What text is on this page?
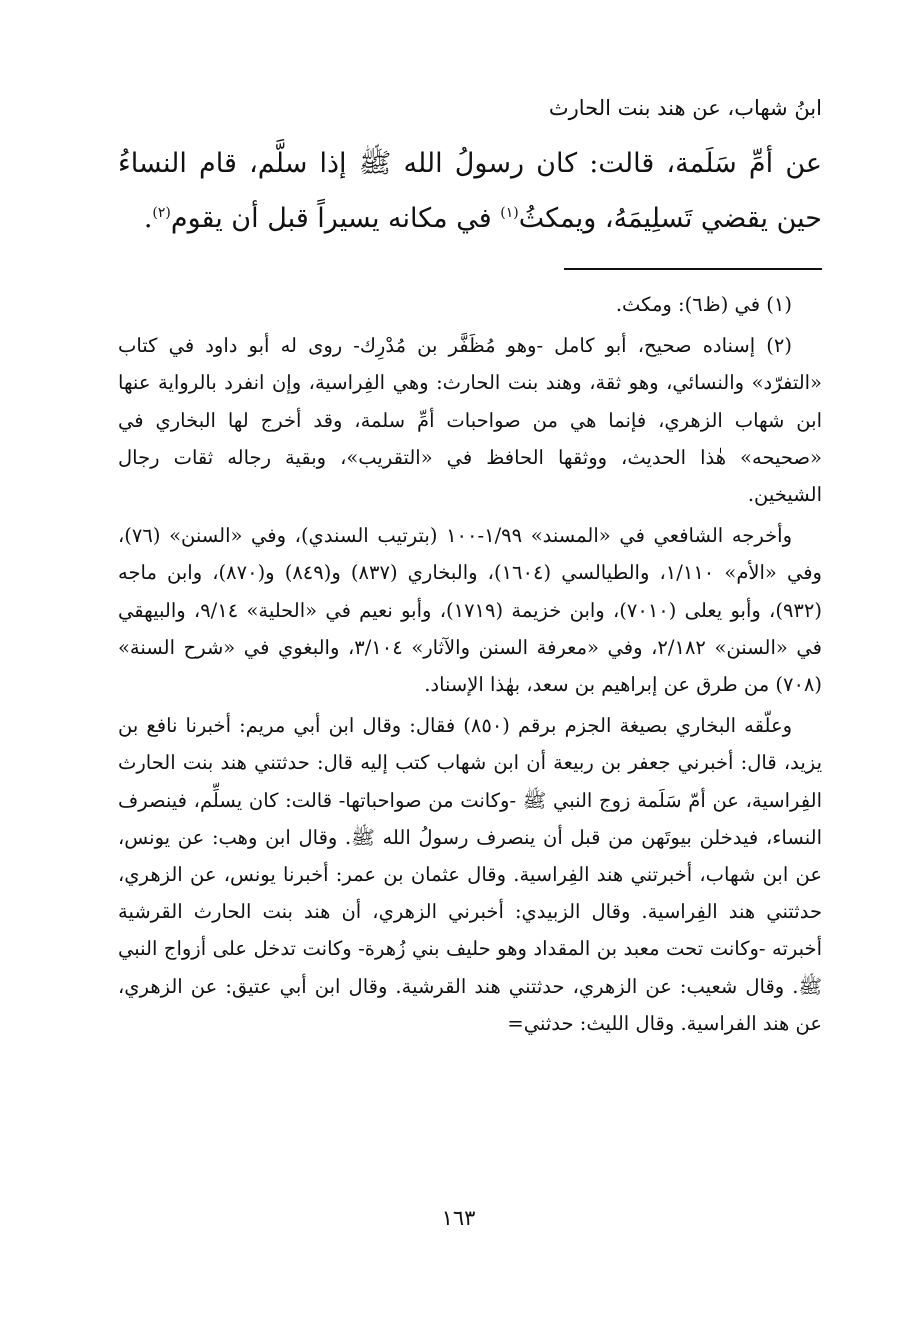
ابنُ شهاب، عن هند بنت الحارث

عن أمِّ سَلَمة، قالت: كان رسولُ الله ﷺ إذا سلَّم، قام النساءُ حين يقضي تَسلِيمَهُ، ويمكثُ$^{(١)}$ في مكانه يسيراً قبل أن يقوم$^{(٢)}$.

(١) في (ظ٦): ومكث.

(٢) إسناده صحيح، أبو كامل -وهو مُظَفَّر بن مُدْرِك- روى له أبو داود في كتاب «التفرّد» والنسائي، وهو ثقة، وهند بنت الحارث: وهي الفِراسية، وإن انفرد بالرواية عنها ابن شهاب الزهري، فإنما هي من صواحبات أمِّ سلمة، وقد أخرج لها البخاري في «صحيحه» هٰذا الحديث، ووثقها الحافظ في «التقريب»، وبقية رجاله ثقات رجال الشيخين.

وأخرجه الشافعي في «المسند» ١/٩٩-١٠٠ (بترتيب السندي)، وفي «السنن» (٧٦)، وفي «الأم» ١/١١٠، والطيالسي (١٦٠٤)، والبخاري (٨٣٧) و(٨٤٩) و(٨٧٠)، وابن ماجه (٩٣٢)، وأبو يعلى (٧٠١٠)، وابن خزيمة (١٧١٩)، وأبو نعيم في «الحلية» ٩/١٤، والبيهقي في «السنن» ٢/١٨٢، وفي «معرفة السنن والآثار» ٣/١٠٤، والبغوي في «شرح السنة» (٧٠٨) من طرق عن إبراهيم بن سعد، بهٰذا الإسناد.

وعلّقه البخاري بصيغة الجزم برقم (٨٥٠) فقال: وقال ابن أبي مريم: أخبرنا نافع بن يزيد، قال: أخبرني جعفر بن ربيعة أن ابن شهاب كتب إليه قال: حدثتني هند بنت الحارث الفِراسية، عن أمّ سَلَمة زوج النبي ﷺ -وكانت من صواحباتها- قالت: كان يسلِّم، فينصرف النساء، فيدخلن بيوتَهن من قبل أن ينصرف رسولُ الله ﷺ. وقال ابن وهب: عن يونس، عن ابن شهاب، أخبرتني هند الفِراسية. وقال عثمان بن عمر: أخبرنا يونس، عن الزهري، حدثتني هند الفِراسية. وقال الزبيدي: أخبرني الزهري، أن هند بنت الحارث القرشية أخبرته -وكانت تحت معبد بن المقداد وهو حليف بني زُهرة- وكانت تدخل على أزواج النبي ﷺ. وقال شعيب: عن الزهري، حدثتني هند القرشية. وقال ابن أبي عتيق: عن الزهري، عن هند الفراسية. وقال الليث: حدثني=

١٦٣
